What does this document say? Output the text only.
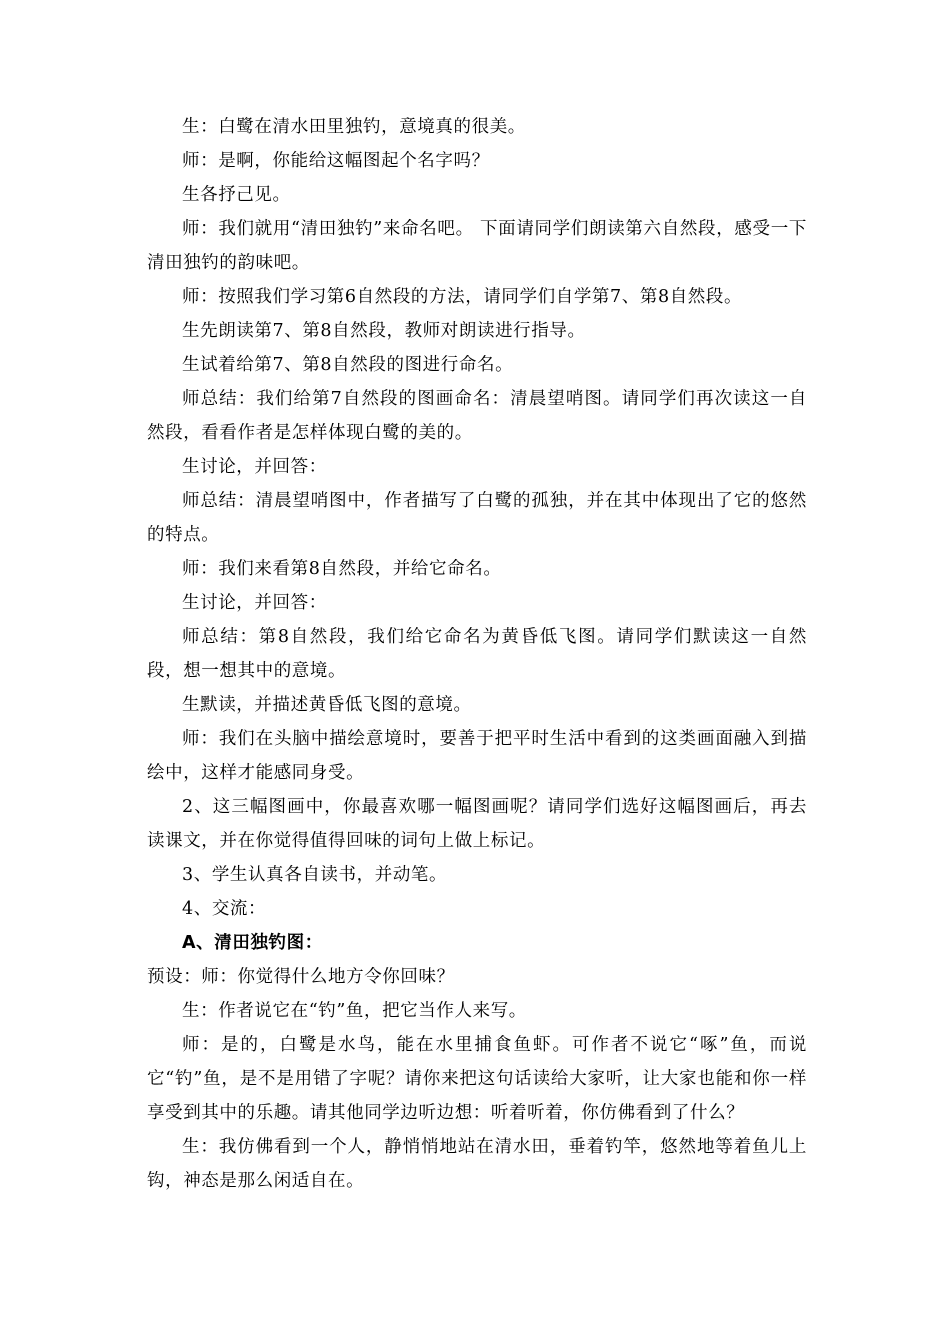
生：白鹭在清水田里独钓，意境真的很美。

师：是啊，你能给这幅图起个名字吗？

生各抒己见。

师：我们就用“清田独钓”来命名吧。 下面请同学们朗读第六自然段，感受一下清田独钓的韵味吧。

师：按照我们学习第6自然段的方法，请同学们自学第7、第8自然段。

生先朗读第7、第8自然段，教师对朗读进行指导。

生试着给第7、第8自然段的图进行命名。

师总结：我们给第7自然段的图画命名：清晨望哨图。请同学们再次读这一自然段，看看作者是怎样体现白鹭的美的。

生讨论，并回答：

师总结：清晨望哨图中，作者描写了白鹭的孤独，并在其中体现出了它的悠然的特点。

师：我们来看第8自然段，并给它命名。

生讨论，并回答：

师总结：第8自然段，我们给它命名为黄昏低飞图。请同学们默读这一自然段，想一想其中的意境。

生默读，并描述黄昏低飞图的意境。

师：我们在头脑中描绘意境时，要善于把平时生活中看到的这类画面融入到描绘中，这样才能感同身受。

2、这三幅图画中，你最喜欢哪一幅图画呢？请同学们选好这幅图画后，再去读课文，并在你觉得值得回味的词句上做上标记。

3、学生认真各自读书，并动笔。

4、交流：

A、清田独钓图：

预设：师：你觉得什么地方令你回味？

生：作者说它在“钓”鱼，把它当作人来写。

师：是的，白鹭是水鸟，能在水里捕食鱼虾。可作者不说它“啄”鱼，而说它“钓”鱼，是不是用错了字呢？请你来把这句话读给大家听，让大家也能和你一样享受到其中的乐趣。请其他同学边听边想：听着听着，你仿佛看到了什么？

生：我仿佛看到一个人，静悄悄地站在清水田，垂着钓竿，悠然地等着鱼儿上钩，神态是那么闲适自在。
